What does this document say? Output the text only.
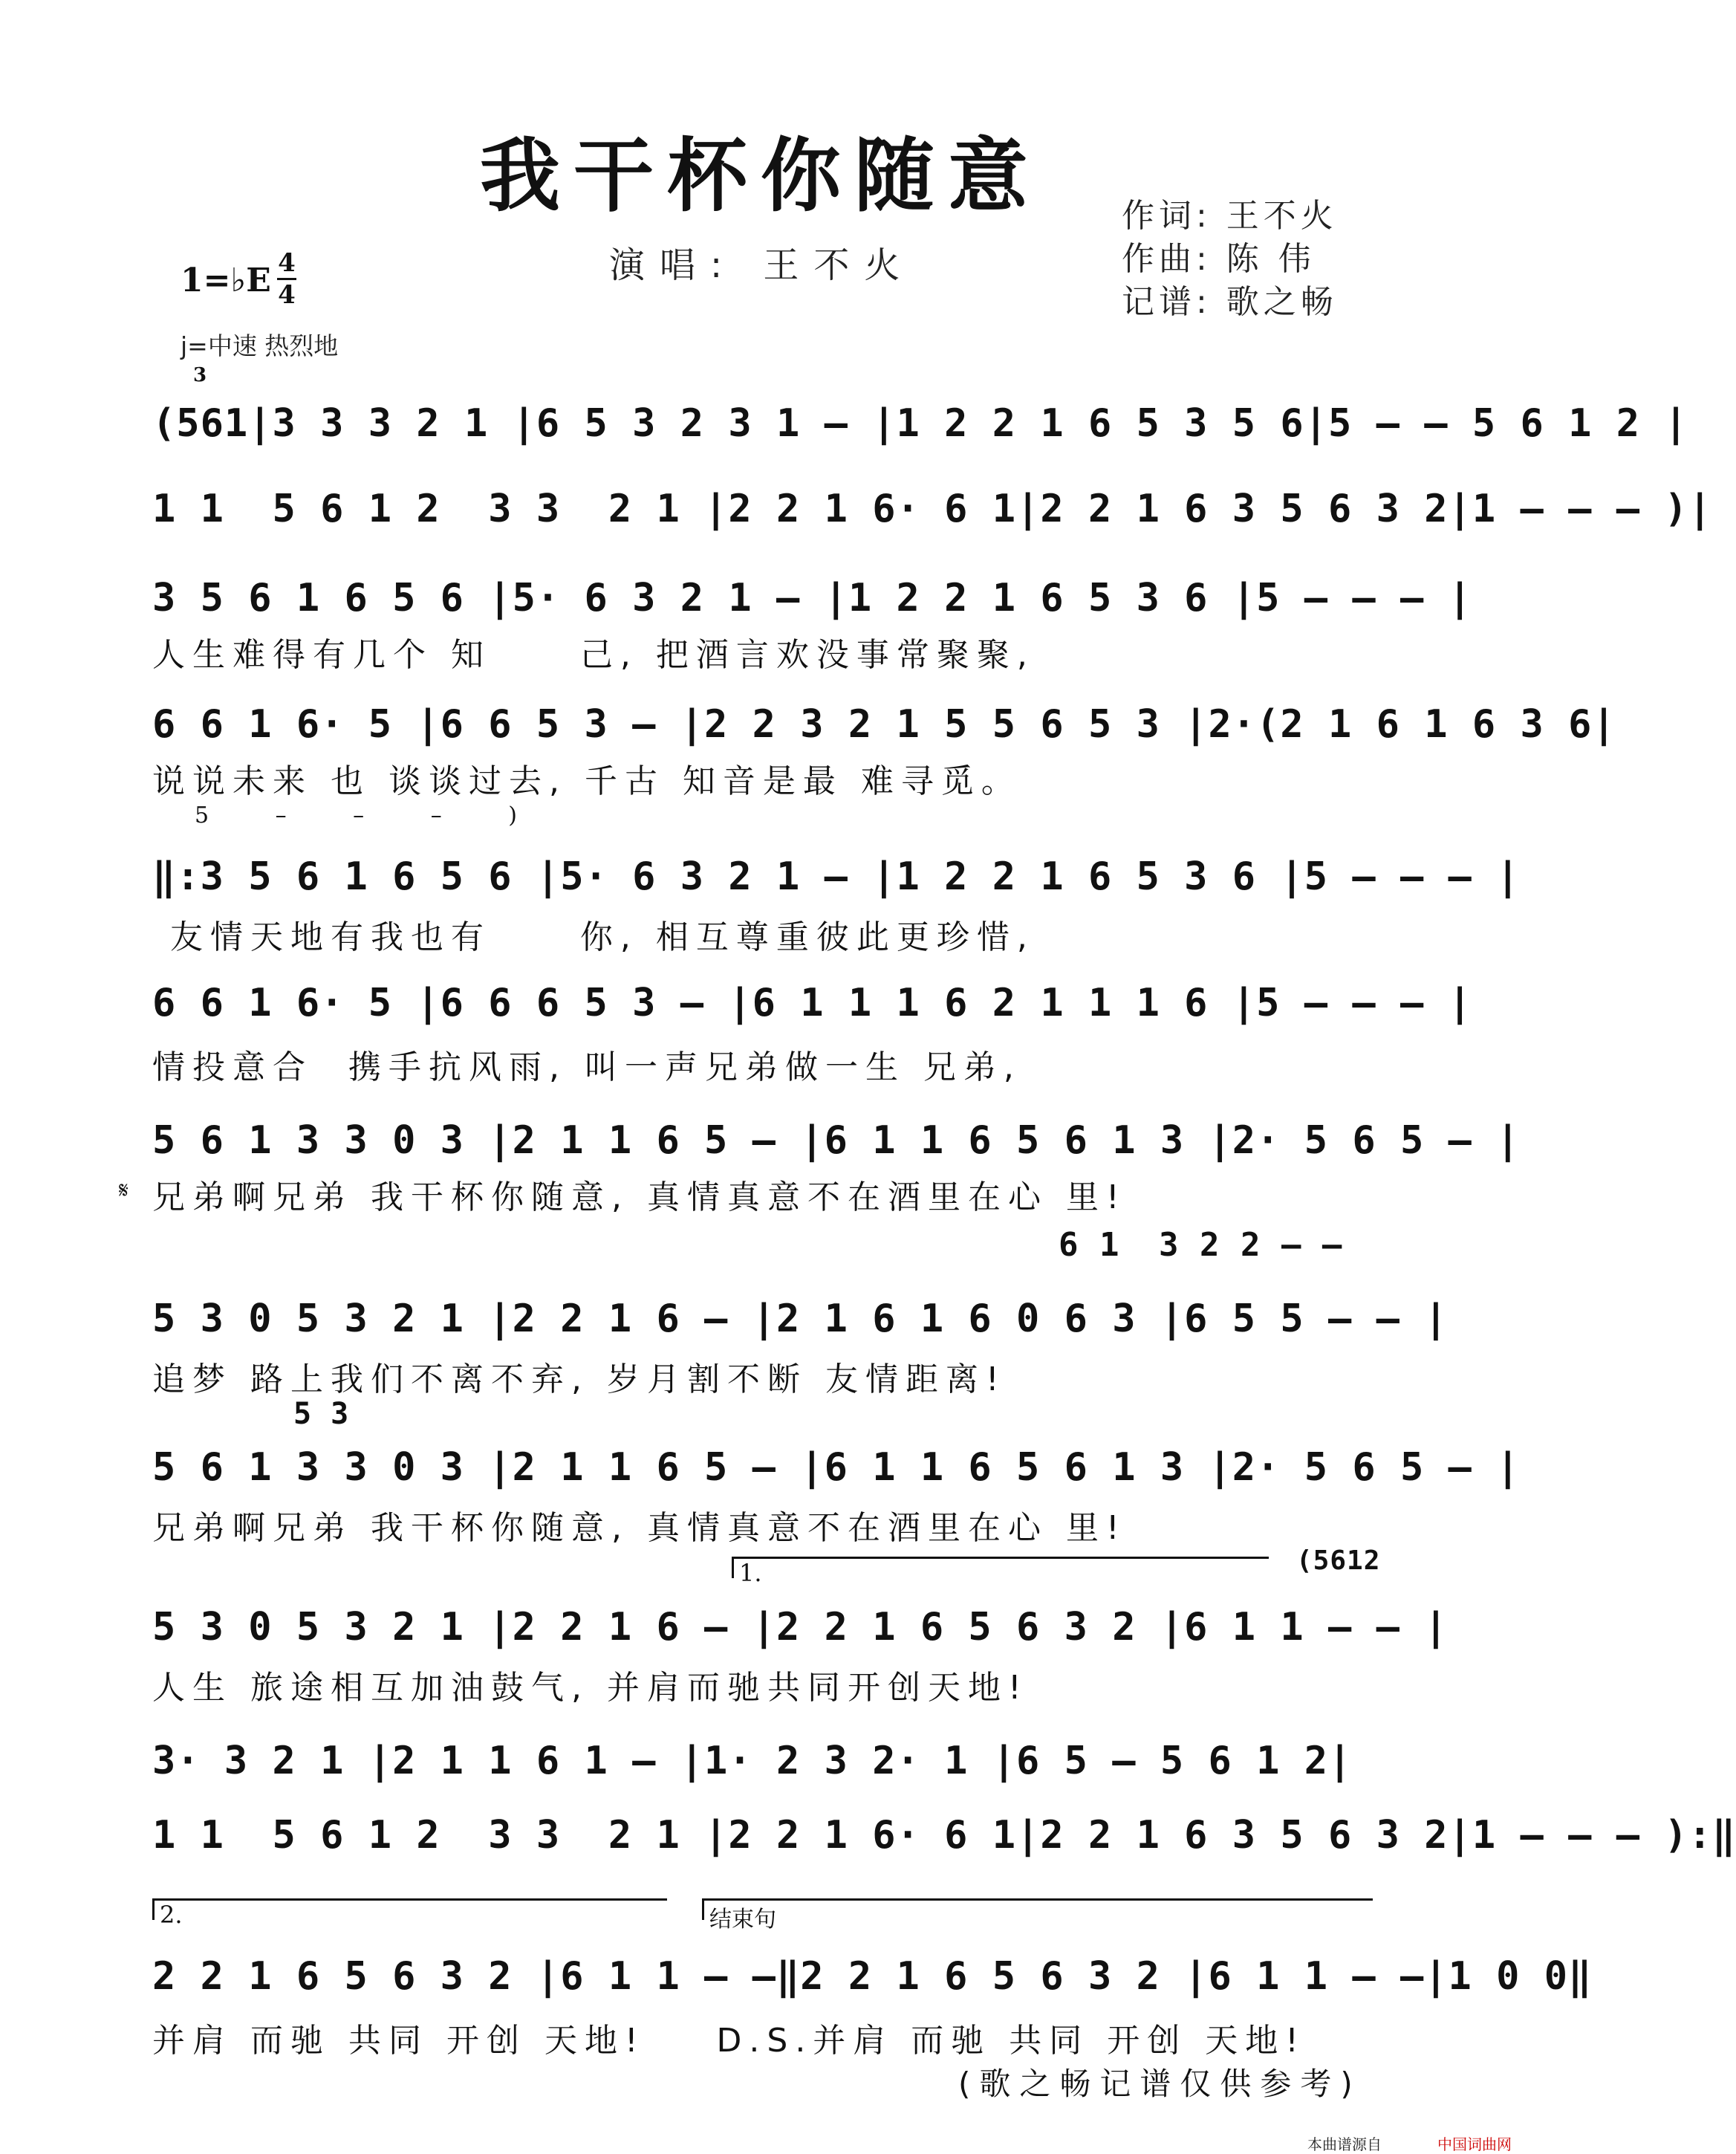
我干杯你随意
演唱: 王不火
作词: 王不火
作曲: 陈 伟
记谱: 歌之畅
1=♭E 4
4
j=中速 热烈地
3
(561|3 3 3 2 1 |6 5 3 2 3 1 – |1 2 2 1 6 5 3 5 6|5 – – 5 6 1 2 |
1 1  5 6 1 2  3 3  2 1 |2 2 1 6· 6 1|2 2 1 6 3 5 6 3 2|1 – – – )|
3 5 6 1 6 5 6 |5· 6 3 2 1 – |1 2 2 1 6 5 3 6 |5 – – – |
人生难得有几个 知     己, 把酒言欢没事常聚聚,
6 6 1 6· 5 |6 6 5 3 – |2 2 3 2 1 5 5 6 5 3 |2·(2 1 6 1 6 3 6|
说说未来 也 谈谈过去, 千古 知音是最 难寻觅。
5 – – – )
‖:3 5 6 1 6 5 6 |5· 6 3 2 1 – |1 2 2 1 6 5 3 6 |5 – – – |
友情天地有我也有     你, 相互尊重彼此更珍惜,
6 6 1 6· 5 |6 6 6 5 3 – |6 1 1 1 6 2 1 1 1 6 |5 – – – |
情投意合  携手抗风雨, 叫一声兄弟做一生 兄弟,
5 6 1 3 3 0 3 |2 1 1 6 5 – |6 1 1 6 5 6 1 3 |2· 5 6 5 – |
𝄋 兄弟啊兄弟 我干杯你随意, 真情真意不在酒里在心 里!
6 1 3 2 2 – –
5 3 0 5 3 2 1 |2 2 1 6 – |2 1 6 1 6 0 6 3 |6 5 5 – – |
追梦 路上我们不离不弃, 岁月割不断 友情距离!
5 3
5 6 1 3 3 0 3 |2 1 1 6 5 – |6 1 1 6 5 6 1 3 |2· 5 6 5 – |
兄弟啊兄弟 我干杯你随意, 真情真意不在酒里在心 里!
1.	(5612
5 3 0 5 3 2 1 |2 2 1 6 – |2 2 1 6 5 6 3 2 |6 1 1 – – |
人生 旅途相互加油鼓气, 并肩而驰共同开创天地!
3· 3 2 1 |2 1 1 6 1 – |1· 2 3 2· 1 |6 5 – 5 6 1 2|
1 1  5 6 1 2  3 3  2 1 |2 2 1 6· 6 1|2 2 1 6 3 5 6 3 2|1 – – – ):‖
2.	结束句
2 2 1 6 5 6 3 2 |6 1 1 – –‖2 2 1 6 5 6 3 2 |6 1 1 – –|1 0 0‖
并肩 而驰 共同 开创 天地!    D.S.并肩 而驰 共同 开创 天地!
(歌之畅记谱仅供参考)
本曲谱源自	中国词曲网
